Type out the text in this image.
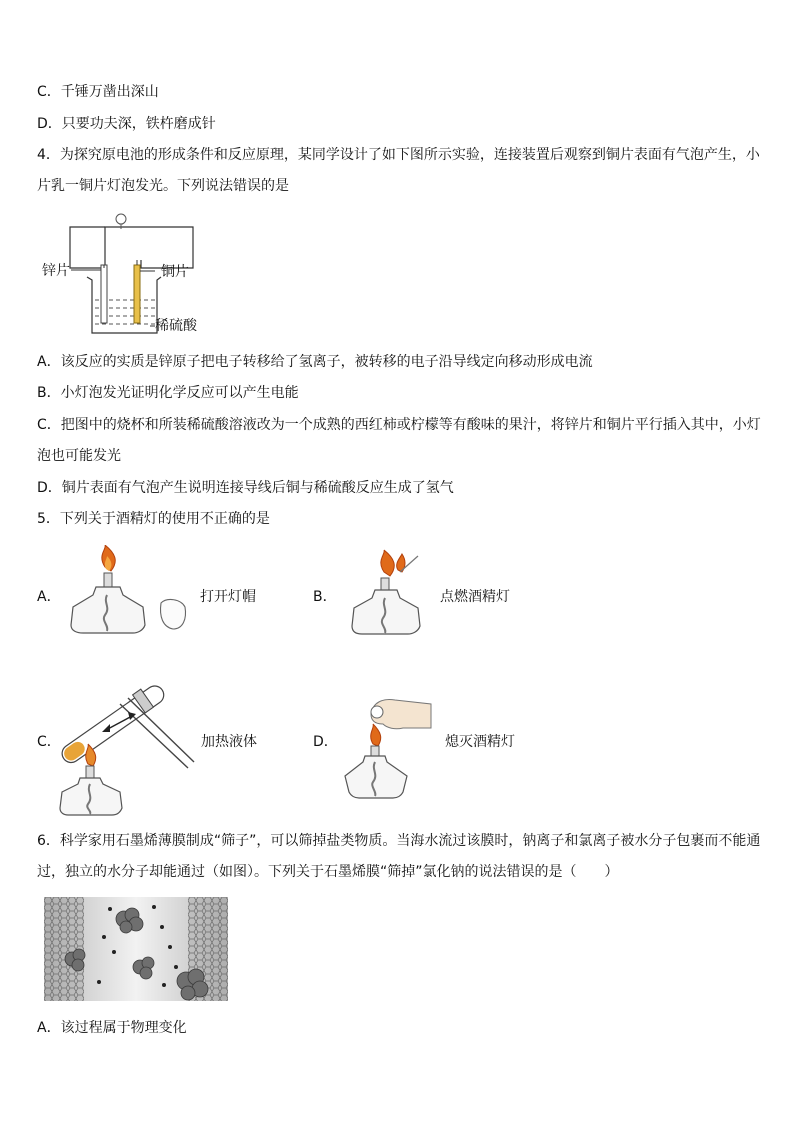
C．千锤万凿出深山
D．只要功夫深，铁杵磨成针
4．为探究原电池的形成条件和反应原理，某同学设计了如下图所示实验，连接装置后观察到铜片表面有气泡产生，小
片乳一铜片灯泡发光。下列说法错误的是
锌片	铜片
稀硫酸
A．该反应的实质是锌原子把电子转移给了氢离子，被转移的电子沿导线定向移动形成电流
B．小灯泡发光证明化学反应可以产生电能
C．把图中的烧杯和所装稀硫酸溶液改为一个成熟的西红柿或柠檬等有酸味的果汁，将锌片和铜片平行插入其中，小灯
泡也可能发光
D．铜片表面有气泡产生说明连接导线后铜与稀硫酸反应生成了氢气
5．下列关于酒精灯的使用不正确的是
A．	打开灯帽	B．	点燃酒精灯
C．	加热液体	D．	熄灭酒精灯
6．科学家用石墨烯薄膜制成“筛子”，可以筛掉盐类物质。当海水流过该膜时，钠离子和氯离子被水分子包裹而不能通
过，独立的水分子却能通过（如图）。下列关于石墨烯膜“筛掉”氯化钠的说法错误的是（　　）
A．该过程属于物理变化
